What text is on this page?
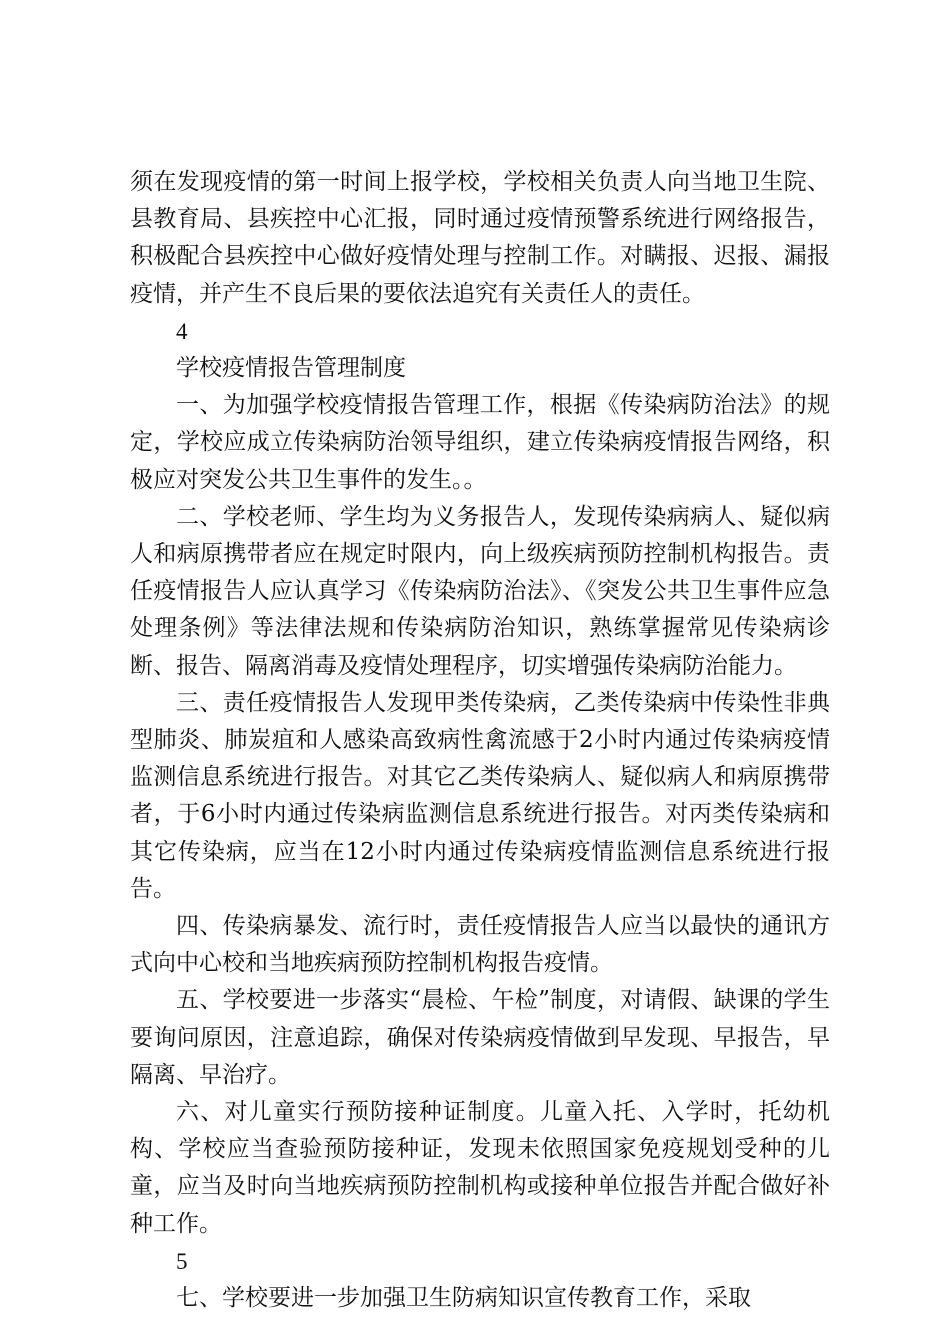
须在发现疫情的第一时间上报学校，学校相关负责人向当地卫生院、县教育局、县疾控中心汇报，同时通过疫情预警系统进行网络报告，积极配合县疾控中心做好疫情处理与控制工作。对瞒报、迟报、漏报疫情，并产生不良后果的要依法追究有关责任人的责任。

4

学校疫情报告管理制度

一、为加强学校疫情报告管理工作，根据《传染病防治法》的规定，学校应成立传染病防治领导组织，建立传染病疫情报告网络，积极应对突发公共卫生事件的发生。。

二、学校老师、学生均为义务报告人，发现传染病病人、疑似病人和病原携带者应在规定时限内，向上级疾病预防控制机构报告。责任疫情报告人应认真学习《传染病防治法》、《突发公共卫生事件应急处理条例》等法律法规和传染病防治知识，熟练掌握常见传染病诊断、报告、隔离消毒及疫情处理程序，切实增强传染病防治能力。

三、责任疫情报告人发现甲类传染病，乙类传染病中传染性非典型肺炎、肺炭疽和人感染高致病性禽流感于2小时内通过传染病疫情监测信息系统进行报告。对其它乙类传染病人、疑似病人和病原携带者，于6小时内通过传染病监测信息系统进行报告。对丙类传染病和其它传染病，应当在12小时内通过传染病疫情监测信息系统进行报告。

四、传染病暴发、流行时，责任疫情报告人应当以最快的通讯方式向中心校和当地疾病预防控制机构报告疫情。

五、学校要进一步落实“晨检、午检”制度，对请假、缺课的学生要询问原因，注意追踪，确保对传染病疫情做到早发现、早报告，早隔离、早治疗。

六、对儿童实行预防接种证制度。儿童入托、入学时，托幼机构、学校应当查验预防接种证，发现未依照国家免疫规划受种的儿童，应当及时向当地疾病预防控制机构或接种单位报告并配合做好补种工作。

5

七、学校要进一步加强卫生防病知识宣传教育工作，采取
